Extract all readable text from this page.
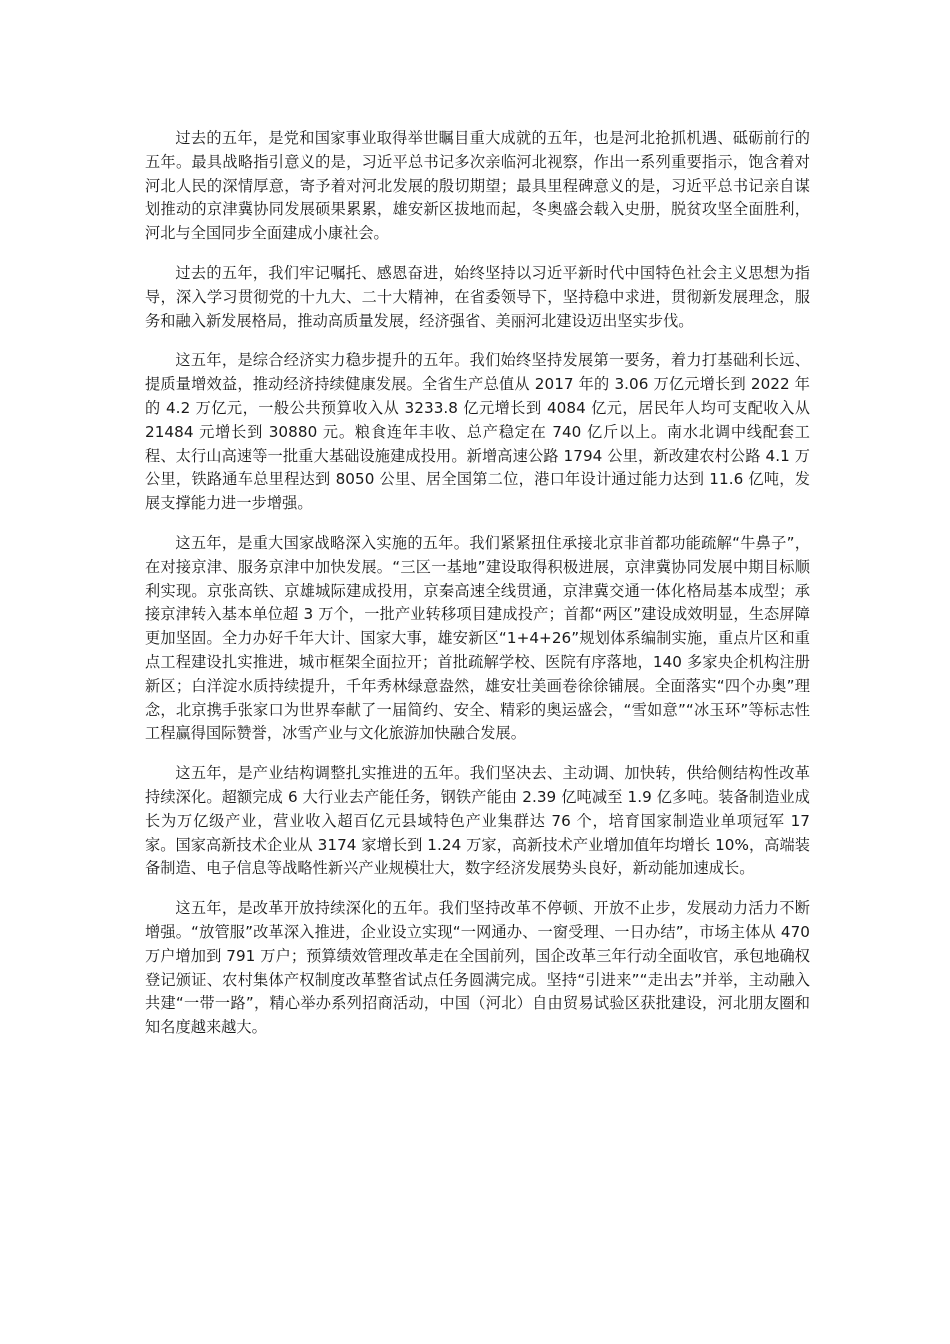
过去的五年，是党和国家事业取得举世瞩目重大成就的五年，也是河北抢抓机遇、砥砺前行的五年。最具战略指引意义的是，习近平总书记多次亲临河北视察，作出一系列重要指示，饱含着对河北人民的深情厚意，寄予着对河北发展的殷切期望；最具里程碑意义的是，习近平总书记亲自谋划推动的京津冀协同发展硕果累累，雄安新区拔地而起，冬奥盛会载入史册，脱贫攻坚全面胜利，河北与全国同步全面建成小康社会。

过去的五年，我们牢记嘱托、感恩奋进，始终坚持以习近平新时代中国特色社会主义思想为指导，深入学习贯彻党的十九大、二十大精神，在省委领导下，坚持稳中求进，贯彻新发展理念，服务和融入新发展格局，推动高质量发展，经济强省、美丽河北建设迈出坚实步伐。

这五年，是综合经济实力稳步提升的五年。我们始终坚持发展第一要务，着力打基础利长远、提质量增效益，推动经济持续健康发展。全省生产总值从 2017 年的 3.06 万亿元增长到 2022 年的 4.2 万亿元，一般公共预算收入从 3233.8 亿元增长到 4084 亿元，居民年人均可支配收入从 21484 元增长到 30880 元。粮食连年丰收、总产稳定在 740 亿斤以上。南水北调中线配套工程、太行山高速等一批重大基础设施建成投用。新增高速公路 1794 公里，新改建农村公路 4.1 万公里，铁路通车总里程达到 8050 公里、居全国第二位，港口年设计通过能力达到 11.6 亿吨，发展支撑能力进一步增强。

这五年，是重大国家战略深入实施的五年。我们紧紧扭住承接北京非首都功能疏解“牛鼻子”，在对接京津、服务京津中加快发展。“三区一基地”建设取得积极进展，京津冀协同发展中期目标顺利实现。京张高铁、京雄城际建成投用，京秦高速全线贯通，京津冀交通一体化格局基本成型；承接京津转入基本单位超 3 万个，一批产业转移项目建成投产；首都“两区”建设成效明显，生态屏障更加坚固。全力办好千年大计、国家大事，雄安新区“1+4+26”规划体系编制实施，重点片区和重点工程建设扎实推进，城市框架全面拉开；首批疏解学校、医院有序落地，140 多家央企机构注册新区；白洋淀水质持续提升，千年秀林绿意盎然，雄安壮美画卷徐徐铺展。全面落实“四个办奥”理念，北京携手张家口为世界奉献了一届简约、安全、精彩的奥运盛会，“雪如意”“冰玉环”等标志性工程赢得国际赞誉，冰雪产业与文化旅游加快融合发展。

这五年，是产业结构调整扎实推进的五年。我们坚决去、主动调、加快转，供给侧结构性改革持续深化。超额完成 6 大行业去产能任务，钢铁产能由 2.39 亿吨减至 1.9 亿多吨。装备制造业成长为万亿级产业，营业收入超百亿元县域特色产业集群达 76 个，培育国家制造业单项冠军 17 家。国家高新技术企业从 3174 家增长到 1.24 万家，高新技术产业增加值年均增长 10%，高端装备制造、电子信息等战略性新兴产业规模壮大，数字经济发展势头良好，新动能加速成长。

这五年，是改革开放持续深化的五年。我们坚持改革不停顿、开放不止步，发展动力活力不断增强。“放管服”改革深入推进，企业设立实现“一网通办、一窗受理、一日办结”，市场主体从 470 万户增加到 791 万户；预算绩效管理改革走在全国前列，国企改革三年行动全面收官，承包地确权登记颁证、农村集体产权制度改革整省试点任务圆满完成。坚持“引进来”“走出去”并举，主动融入共建“一带一路”，精心举办系列招商活动，中国（河北）自由贸易试验区获批建设，河北朋友圈和知名度越来越大。
